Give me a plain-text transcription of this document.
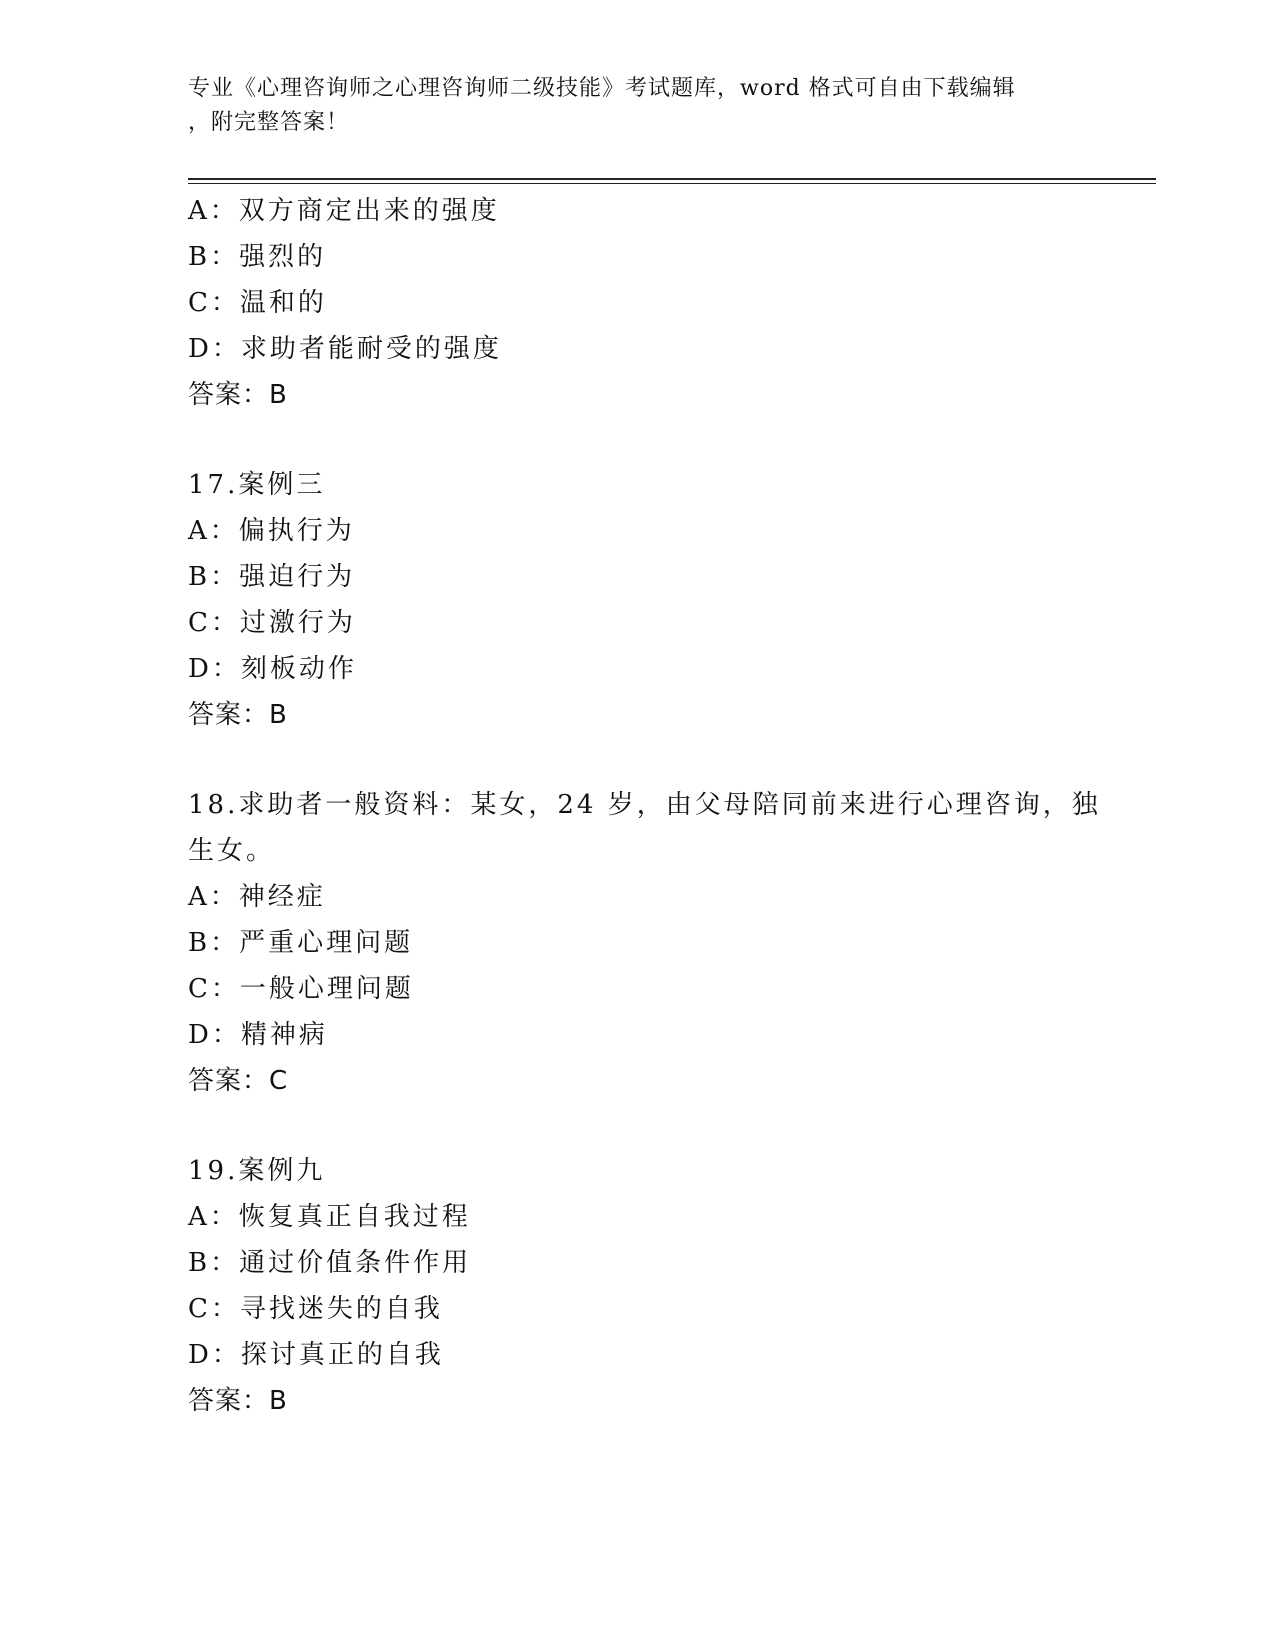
专业《心理咨询师之心理咨询师二级技能》考试题库，word 格式可自由下载编辑
，附完整答案！
A：双方商定出来的强度
B：强烈的
C：温和的
D：求助者能耐受的强度
答案：B
17.案例三
A：偏执行为
B：强迫行为
C：过激行为
D：刻板动作
答案：B
18.求助者一般资料：某女，24 岁，由父母陪同前来进行心理咨询，独
生女。
A：神经症
B：严重心理问题
C：一般心理问题
D：精神病
答案：C
19.案例九
A：恢复真正自我过程
B：通过价值条件作用
C：寻找迷失的自我
D：探讨真正的自我
答案：B
